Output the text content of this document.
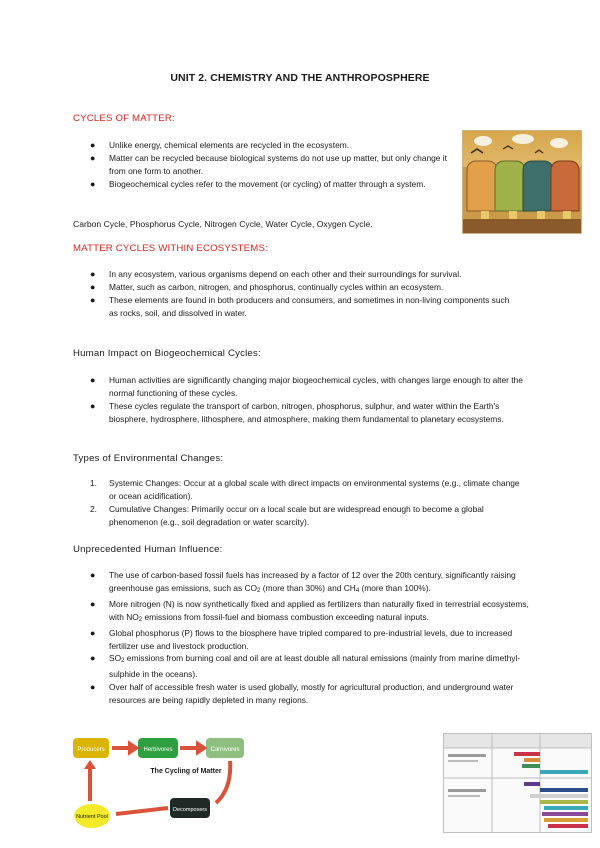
UNIT 2. CHEMISTRY AND THE ANTHROPOSPHERE
CYCLES OF MATTER:
● Unlike energy, chemical elements are recycled in the ecosystem.
● Matter can be recycled because biological systems do not use up matter, but only change it from one form to another.
● Biogeochemical cycles refer to the movement (or cycling) of matter through a system.
Carbon Cycle, Phosphorus Cycle, Nitrogen Cycle, Water Cycle, Oxygen Cycle.
MATTER CYCLES WITHIN ECOSYSTEMS:
● In any ecosystem, various organisms depend on each other and their surroundings for survival.
● Matter, such as carbon, nitrogen, and phosphorus, continually cycles within an ecosystem.
● These elements are found in both producers and consumers, and sometimes in non-living components such as rocks, soil, and dissolved in water.
Human Impact on Biogeochemical Cycles:
● Human activities are significantly changing major biogeochemical cycles, with changes large enough to alter the normal functioning of these cycles.
● These cycles regulate the transport of carbon, nitrogen, phosphorus, sulphur, and water within the Earth's biosphere, hydrosphere, lithosphere, and atmosphere, making them fundamental to planetary ecosystems.
Types of Environmental Changes:
1. Systemic Changes: Occur at a global scale with direct impacts on environmental systems (e.g., climate change or ocean acidification).
2. Cumulative Changes: Primarily occur on a local scale but are widespread enough to become a global phenomenon (e.g., soil degradation or water scarcity).
Unprecedented Human Influence:
● The use of carbon-based fossil fuels has increased by a factor of 12 over the 20th century, significantly raising greenhouse gas emissions, such as CO2 (more than 30%) and CH4 (more than 100%).
● More nitrogen (N) is now synthetically fixed and applied as fertilizers than naturally fixed in terrestrial ecosystems, with NO2 emissions from fossil-fuel and biomass combustion exceeding natural inputs.
● Global phosphorus (P) flows to the biosphere have tripled compared to pre-industrial levels, due to increased fertilizer use and livestock production.
● SO2 emissions from burning coal and oil are at least double all natural emissions (mainly from marine dimethyl-sulphide in the oceans).
● Over half of accessible fresh water is used globally, mostly for agricultural production, and underground water resources are being rapidly depleted in many regions.
Producers	Herbivores	Carnivores
The Cycling of Matter
Decomposers
Nutrient Pool
